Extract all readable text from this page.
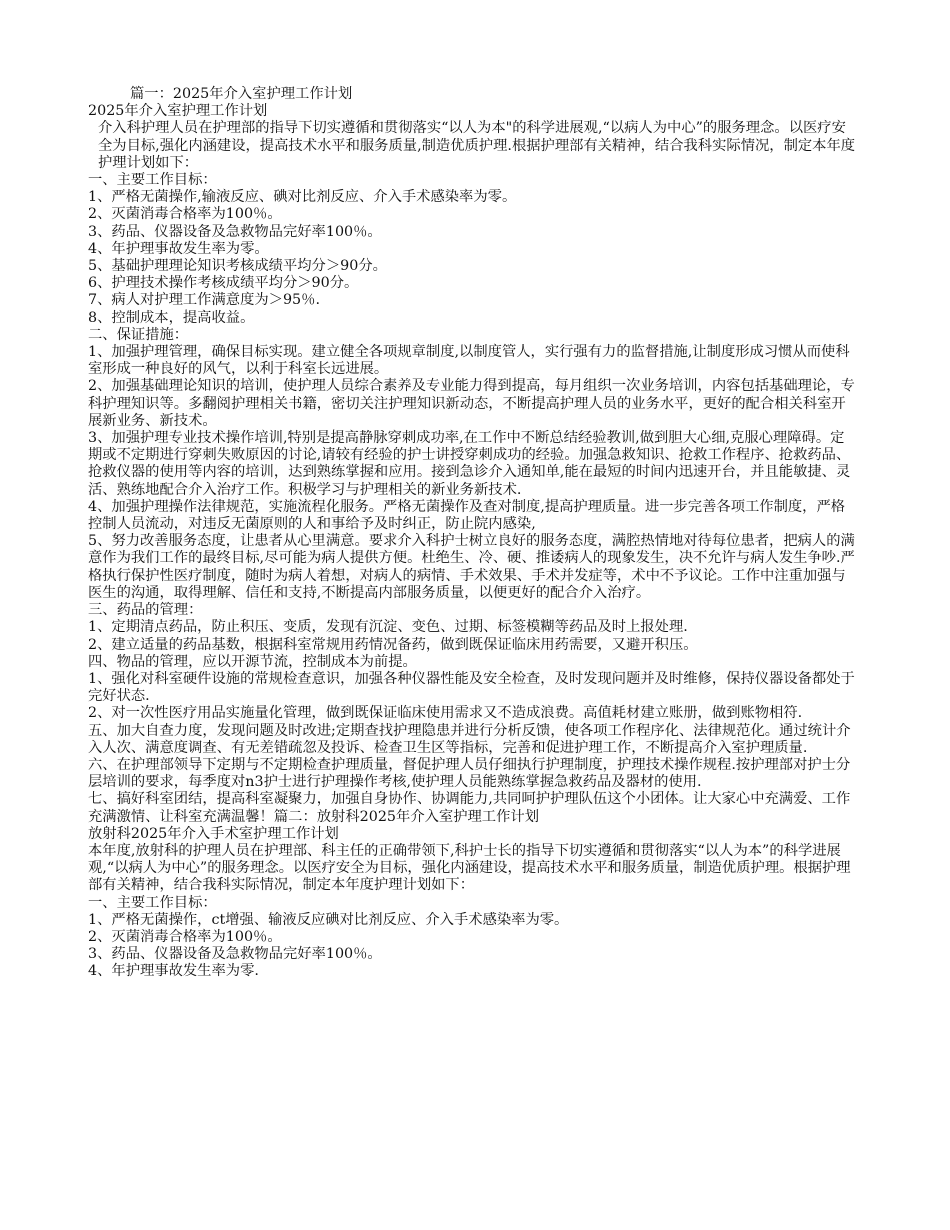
篇一：2025年介入室护理工作计划

2025年介入室护理工作计划

介入科护理人员在护理部的指导下切实遵循和贯彻落实“以人为本"的科学进展观,“以病人为中心”的服务理念。以医疗安全为目标,强化内涵建设，提高技术水平和服务质量,制造优质护理.根据护理部有关精神，结合我科实际情况，制定本年度护理计划如下：

一、主要工作目标：

1、严格无菌操作,输液反应、碘对比剂反应、介入手术感染率为零。

2、灭菌消毒合格率为100％。

3、药品、仪器设备及急救物品完好率100％。

4、年护理事故发生率为零。

5、基础护理理论知识考核成绩平均分＞90分。

6、护理技术操作考核成绩平均分＞90分。

7、病人对护理工作满意度为＞95％.

8、控制成本，提高收益。

二、保证措施：

1、加强护理管理，确保目标实现。建立健全各项规章制度,以制度管人，实行强有力的监督措施,让制度形成习惯从而使科室形成一种良好的风气，以利于科室长远进展。

2、加强基础理论知识的培训，使护理人员综合素养及专业能力得到提高，每月组织一次业务培训，内容包括基础理论，专科护理知识等。多翻阅护理相关书籍，密切关注护理知识新动态，不断提高护理人员的业务水平，更好的配合相关科室开展新业务、新技术。

3、加强护理专业技术操作培训,特别是提高静脉穿刺成功率,在工作中不断总结经验教训,做到胆大心细,克服心理障碍。定期或不定期进行穿刺失败原因的讨论,请较有经验的护士讲授穿刺成功的经验。加强急救知识、抢救工作程序、抢救药品、抢救仪器的使用等内容的培训，达到熟练掌握和应用。接到急诊介入通知单,能在最短的时间内迅速开台，并且能敏捷、灵活、熟练地配合介入治疗工作。积极学习与护理相关的新业务新技术.

4、加强护理操作法律规范，实施流程化服务。严格无菌操作及查对制度,提高护理质量。进一步完善各项工作制度，严格控制人员流动，对违反无菌原则的人和事给予及时纠正，防止院内感染,

5、努力改善服务态度，让患者从心里满意。要求介入科护士树立良好的服务态度，满腔热情地对待每位患者，把病人的满意作为我们工作的最终目标,尽可能为病人提供方便。杜绝生、冷、硬、推诿病人的现象发生，决不允许与病人发生争吵.严格执行保护性医疗制度，随时为病人着想，对病人的病情、手术效果、手术并发症等，术中不予议论。工作中注重加强与医生的沟通，取得理解、信任和支持,不断提高内部服务质量，以便更好的配合介入治疗。

三、药品的管理：

1、定期清点药品，防止积压、变质，发现有沉淀、变色、过期、标签模糊等药品及时上报处理.

2、建立适量的药品基数，根据科室常规用药情况备药，做到既保证临床用药需要，又避开积压。

四、物品的管理，应以开源节流，控制成本为前提。

1、强化对科室硬件设施的常规检查意识，加强各种仪器性能及安全检查，及时发现问题并及时维修，保持仪器设备都处于完好状态.

2、对一次性医疗用品实施量化管理，做到既保证临床使用需求又不造成浪费。高值耗材建立账册，做到账物相符.

五、加大自查力度，发现问题及时改进;定期查找护理隐患并进行分析反馈，使各项工作程序化、法律规范化。通过统计介入人次、满意度调查、有无差错疏忽及投诉、检查卫生区等指标，完善和促进护理工作，不断提高介入室护理质量.

六、在护理部领导下定期与不定期检查护理质量，督促护理人员仔细执行护理制度，护理技术操作规程.按护理部对护士分层培训的要求，每季度对n3护士进行护理操作考核,使护理人员能熟练掌握急救药品及器材的使用.

七、搞好科室团结，提高科室凝聚力，加强自身协作、协调能力,共同呵护护理队伍这个小团体。让大家心中充满爱、工作充满激情、让科室充满温馨！篇二：放射科2025年介入室护理工作计划

放射科2025年介入手术室护理工作计划

本年度,放射科的护理人员在护理部、科主任的正确带领下,科护士长的指导下切实遵循和贯彻落实“以人为本”的科学进展观,“以病人为中心”的服务理念。以医疗安全为目标，强化内涵建设，提高技术水平和服务质量，制造优质护理。根据护理部有关精神，结合我科实际情况，制定本年度护理计划如下：

一、主要工作目标：

1、严格无菌操作，ct增强、输液反应碘对比剂反应、介入手术感染率为零。

2、灭菌消毒合格率为100％。

3、药品、仪器设备及急救物品完好率100％。

4、年护理事故发生率为零.
